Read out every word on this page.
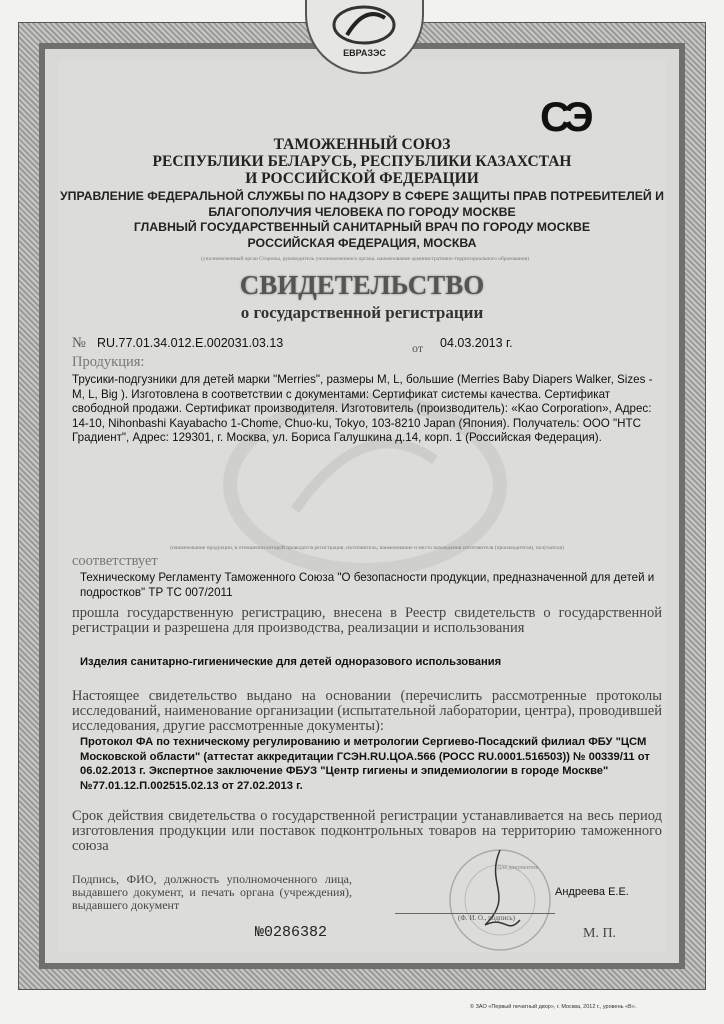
ЕВРАЗЭС
СЭ
ТАМОЖЕННЫЙ СОЮЗ
РЕСПУБЛИКИ БЕЛАРУСЬ, РЕСПУБЛИКИ КАЗАХСТАН
И РОССИЙСКОЙ ФЕДЕРАЦИИ
УПРАВЛЕНИЕ ФЕДЕРАЛЬНОЙ СЛУЖБЫ ПО НАДЗОРУ В СФЕРЕ ЗАЩИТЫ ПРАВ ПОТРЕБИТЕЛЕЙ И
БЛАГОПОЛУЧИЯ ЧЕЛОВЕКА ПО ГОРОДУ МОСКВЕ
ГЛАВНЫЙ ГОСУДАРСТВЕННЫЙ САНИТАРНЫЙ ВРАЧ ПО ГОРОДУ МОСКВЕ
РОССИЙСКАЯ ФЕДЕРАЦИЯ, МОСКВА
(уполномоченный орган Стороны, руководитель уполномоченного органа, наименование административно-территориального образования)
СВИДЕТЕЛЬСТВО
о государственной регистрации
№ RU.77.01.34.012.E.002031.03.13	от 04.03.2013 г.
Продукция:
Трусики-подгузники для детей марки "Merries", размеры M, L, большие (Merries Baby Diapers Walker, Sizes - M, L, Big ). Изготовлена в соответствии с документами: Сертификат системы качества. Сертификат свободной продажи. Сертификат производителя. Изготовитель (производитель): «Kao Corporation», Адрес: 14-10, Nihonbashi Kayabacho 1-Chome, Chuo-ku, Tokyo, 103-8210 Japan (Япония). Получатель: ООО "НТС Градиент", Адрес: 129301, г. Москва, ул. Бориса Галушкина д.14, корп. 1 (Российская Федерация).
(наименование продукции, в отношении которой проводится регистрация, изготовитель, наименование и место нахождения изготовителя (производителя), получателя)
соответствует
Техническому Регламенту Таможенного Союза "О безопасности продукции, предназначенной для детей и подростков" ТР ТС 007/2011
прошла государственную регистрацию, внесена в Реестр свидетельств о государственной регистрации и разрешена для производства, реализации и использования
Изделия санитарно-гигиенические для детей одноразового использования
Настоящее свидетельство выдано на основании (перечислить рассмотренные протоколы исследований, наименование организации (испытательной лаборатории, центра), проводившей исследования, другие рассмотренные документы):
Протокол ФА по техническому регулированию и метрологии Сергиево-Посадский филиал ФБУ "ЦСМ Московской области" (аттестат аккредитации ГСЭН.RU.ЦОА.566 (РОСС RU.0001.516503)) № 00339/11 от 06.02.2013 г. Экспертное заключение ФБУЗ "Центр гигиены и эпидемиологии в городе Москве" №77.01.12.П.002515.02.13 от 27.02.2013 г.
Срок действия свидетельства о государственной регистрации устанавливается на весь период изготовления продукции или поставок подконтрольных товаров на территорию таможенного союза
Подпись, ФИО, должность уполномоченного лица, выдавшего документ, и печать органа (учреждения), выдавшего документ
Для документов
Андреева Е.Е.
(Ф. И. О., подпись)
№0286382	М. П.
© ЗАО «Первый печатный двор», г. Москва, 2012 г., уровень «В».
